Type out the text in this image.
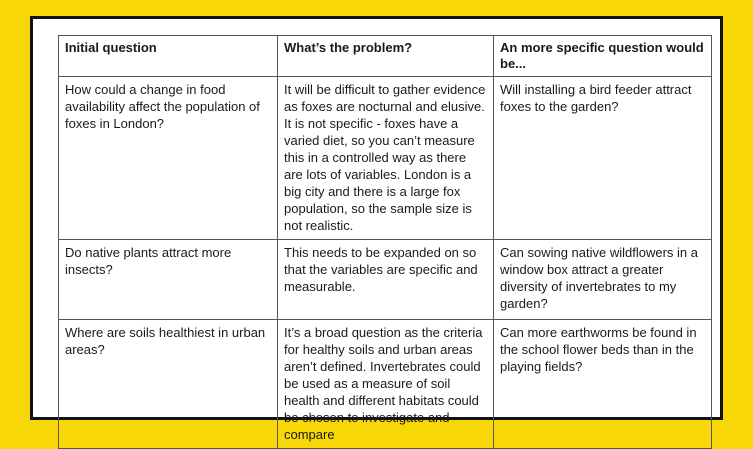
Initial question	What’s the problem?	An more specific question would be...
How could a change in food availability affect the population of foxes in London?	It will be difficult to gather evidence as foxes are nocturnal and elusive. It is not specific - foxes have a varied diet, so you can’t measure this in a controlled way as there are lots of variables. London is a big city and there is a large fox population, so the sample size is not realistic.	Will installing a bird feeder attract foxes to the garden?
Do native plants attract more insects?	This needs to be expanded on so that the variables are specific and measurable.	Can sowing native wildflowers in a window box attract a greater diversity of invertebrates to my garden?
Where are soils healthiest in urban areas?	It’s a broad question as the criteria for healthy soils and urban areas aren’t defined. Invertebrates could be used as a measure of soil health and different habitats could be chosen to investigate and compare	Can more earthworms be found in the school flower beds than in the playing fields?
